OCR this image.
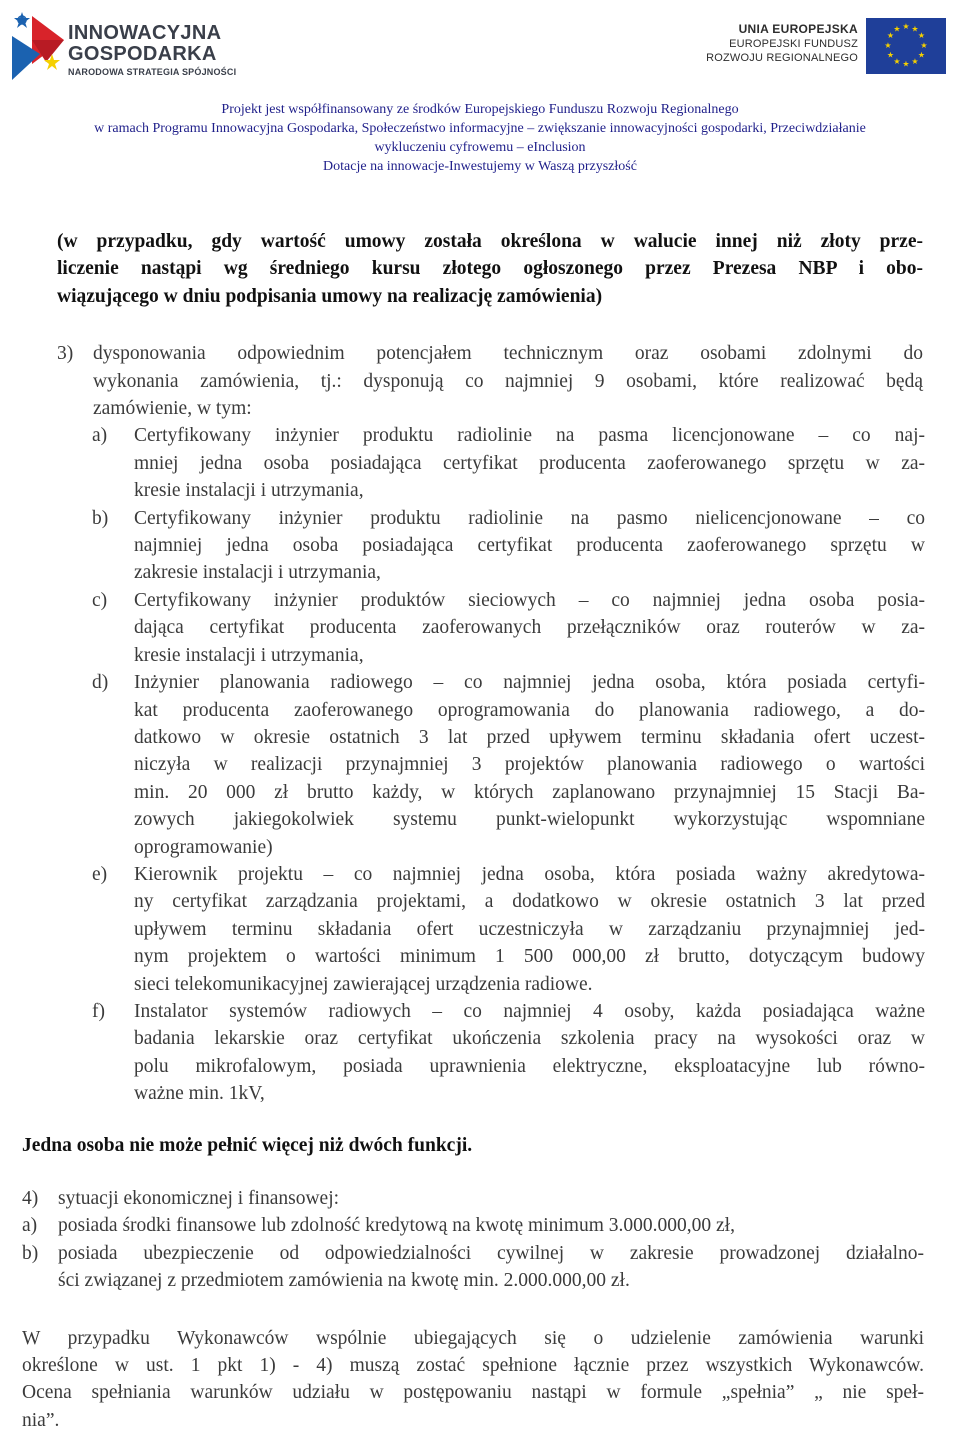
INNOWACYJNA
GOSPODARKA
NARODOWA STRATEGIA SPÓJNOŚCI
UNIA EUROPEJSKA
EUROPEJSKI FUNDUSZ
ROZWOJU REGIONALNEGO
★ ★
★
★
★
★
★
★
★
★
★
★
Projekt jest współfinansowany ze środków Europejskiego Funduszu Rozwoju Regionalnego
w ramach Programu Innowacyjna Gospodarka, Społeczeństwo informacyjne – zwiększanie innowacyjności gospodarki, Przeciwdziałanie
wykluczeniu cyfrowemu – eInclusion
Dotacje na innowacje-Inwestujemy w Waszą przyszłość
(w przypadku, gdy wartość umowy została określona w walucie innej niż złoty prze-
liczenie nastąpi wg średniego kursu złotego ogłoszonego przez Prezesa NBP i obo-
wiązującego w dniu podpisania umowy na realizację zamówienia)
3) dysponowania odpowiednim potencjałem technicznym oraz osobami zdolnymi do
wykonania zamówienia, tj.: dysponują co najmniej 9 osobami, które realizować będą
zamówienie, w tym:
a) Certyfikowany inżynier produktu radiolinie na pasma licencjonowane – co naj-
mniej jedna osoba posiadająca certyfikat producenta zaoferowanego sprzętu w za-
kresie instalacji i utrzymania,
b) Certyfikowany inżynier produktu radiolinie na pasmo nielicencjonowane – co
najmniej jedna osoba posiadająca certyfikat producenta zaoferowanego sprzętu w
zakresie instalacji i utrzymania,
c) Certyfikowany inżynier produktów sieciowych – co najmniej jedna osoba posia-
dająca certyfikat producenta zaoferowanych przełączników oraz routerów w za-
kresie instalacji i utrzymania,
d) Inżynier planowania radiowego – co najmniej jedna osoba, która posiada certyfi-
kat producenta zaoferowanego oprogramowania do planowania radiowego, a do-
datkowo w okresie ostatnich 3 lat przed upływem terminu składania ofert uczest-
niczyła w realizacji przynajmniej 3 projektów planowania radiowego o wartości
min. 20 000 zł brutto każdy, w których zaplanowano przynajmniej 15 Stacji Ba-
zowych jakiegokolwiek systemu punkt-wielopunkt wykorzystując wspomniane
oprogramowanie)
e) Kierownik projektu – co najmniej jedna osoba, która posiada ważny akredytowa-
ny certyfikat zarządzania projektami, a dodatkowo w okresie ostatnich 3 lat przed
upływem terminu składania ofert uczestniczyła w zarządzaniu przynajmniej jed-
nym projektem o wartości minimum 1 500 000,00 zł brutto, dotyczącym budowy
sieci telekomunikacyjnej zawierającej urządzenia radiowe.
f) Instalator systemów radiowych – co najmniej 4 osoby, każda posiadająca ważne
badania lekarskie oraz certyfikat ukończenia szkolenia pracy na wysokości oraz w
polu mikrofalowym, posiada uprawnienia elektryczne, eksploatacyjne lub równo-
ważne min. 1kV,
Jedna osoba nie może pełnić więcej niż dwóch funkcji.
4) sytuacji ekonomicznej i finansowej:
a) posiada środki finansowe lub zdolność kredytową na kwotę minimum 3.000.000,00 zł,
b) posiada ubezpieczenie od odpowiedzialności cywilnej w zakresie prowadzonej działalno-
ści związanej z przedmiotem zamówienia na kwotę min. 2.000.000,00 zł.
W przypadku Wykonawców wspólnie ubiegających się o udzielenie zamówienia warunki
określone w ust. 1 pkt 1) - 4) muszą zostać spełnione łącznie przez wszystkich Wykonawców.
Ocena spełniania warunków udziału w postępowaniu nastąpi w formule „spełnia” „ nie speł-
nia”.
